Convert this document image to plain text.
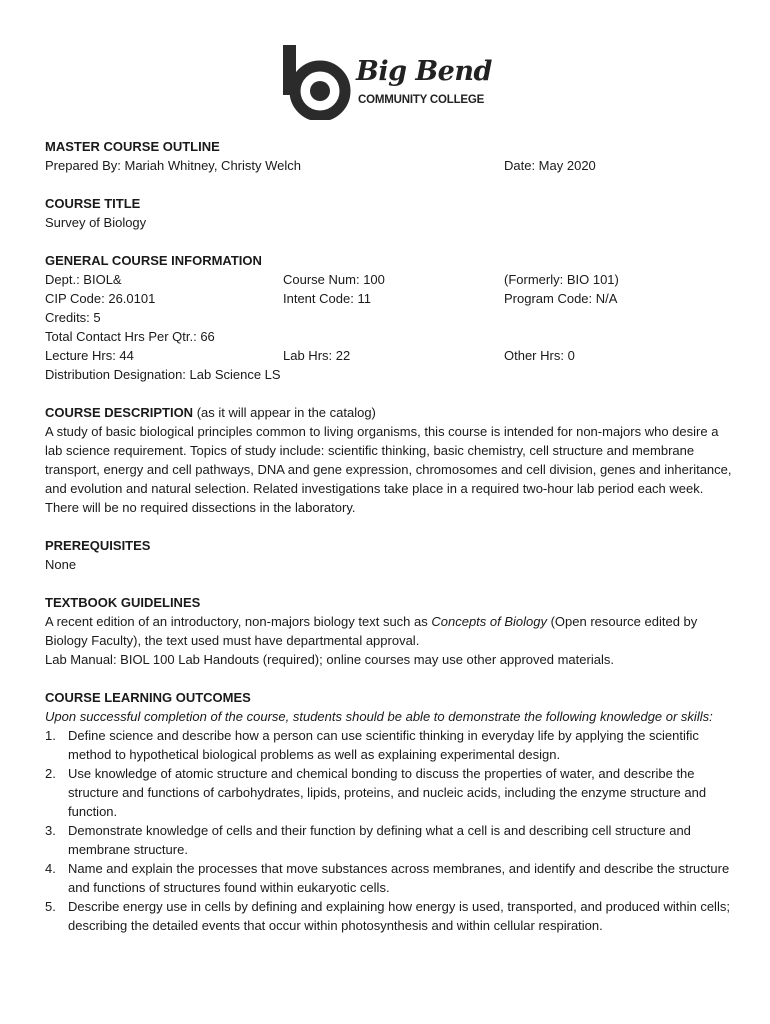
Big Bend
COMMUNITY COLLEGE
MASTER COURSE OUTLINE
Prepared By: Mariah Whitney, Christy Welch	Date: May 2020
COURSE TITLE
Survey of Biology
GENERAL COURSE INFORMATION
Dept.: BIOL&	Course Num: 100	(Formerly: BIO 101)
CIP Code: 26.0101	Intent Code: 11	Program Code: N/A
Credits: 5
Total Contact Hrs Per Qtr.: 66
Lecture Hrs: 44	Lab Hrs: 22	Other Hrs: 0
Distribution Designation: Lab Science LS
COURSE DESCRIPTION (as it will appear in the catalog)

A study of basic biological principles common to living organisms, this course is intended for non-majors who desire a lab science requirement. Topics of study include: scientific thinking, basic chemistry, cell structure and membrane transport, energy and cell pathways, DNA and gene expression, chromosomes and cell division, genes and inheritance, and evolution and natural selection. Related investigations take place in a required two-hour lab period each week. There will be no required dissections in the laboratory.

PREREQUISITES
None
TEXTBOOK GUIDELINES

A recent edition of an introductory, non-majors biology text such as Concepts of Biology (Open resource edited by Biology Faculty), the text used must have departmental approval.

Lab Manual: BIOL 100 Lab Handouts (required); online courses may use other approved materials.

COURSE LEARNING OUTCOMES

Upon successful completion of the course, students should be able to demonstrate the following knowledge or skills:

1. Define science and describe how a person can use scientific thinking in everyday life by applying the scientific method to hypothetical biological problems as well as explaining experimental design.
2. Use knowledge of atomic structure and chemical bonding to discuss the properties of water, and describe the structure and functions of carbohydrates, lipids, proteins, and nucleic acids, including the enzyme structure and function.
3. Demonstrate knowledge of cells and their function by defining what a cell is and describing cell structure and membrane structure.
4. Name and explain the processes that move substances across membranes, and identify and describe the structure and functions of structures found within eukaryotic cells.
5. Describe energy use in cells by defining and explaining how energy is used, transported, and produced within cells; describing the detailed events that occur within photosynthesis and within cellular respiration.
